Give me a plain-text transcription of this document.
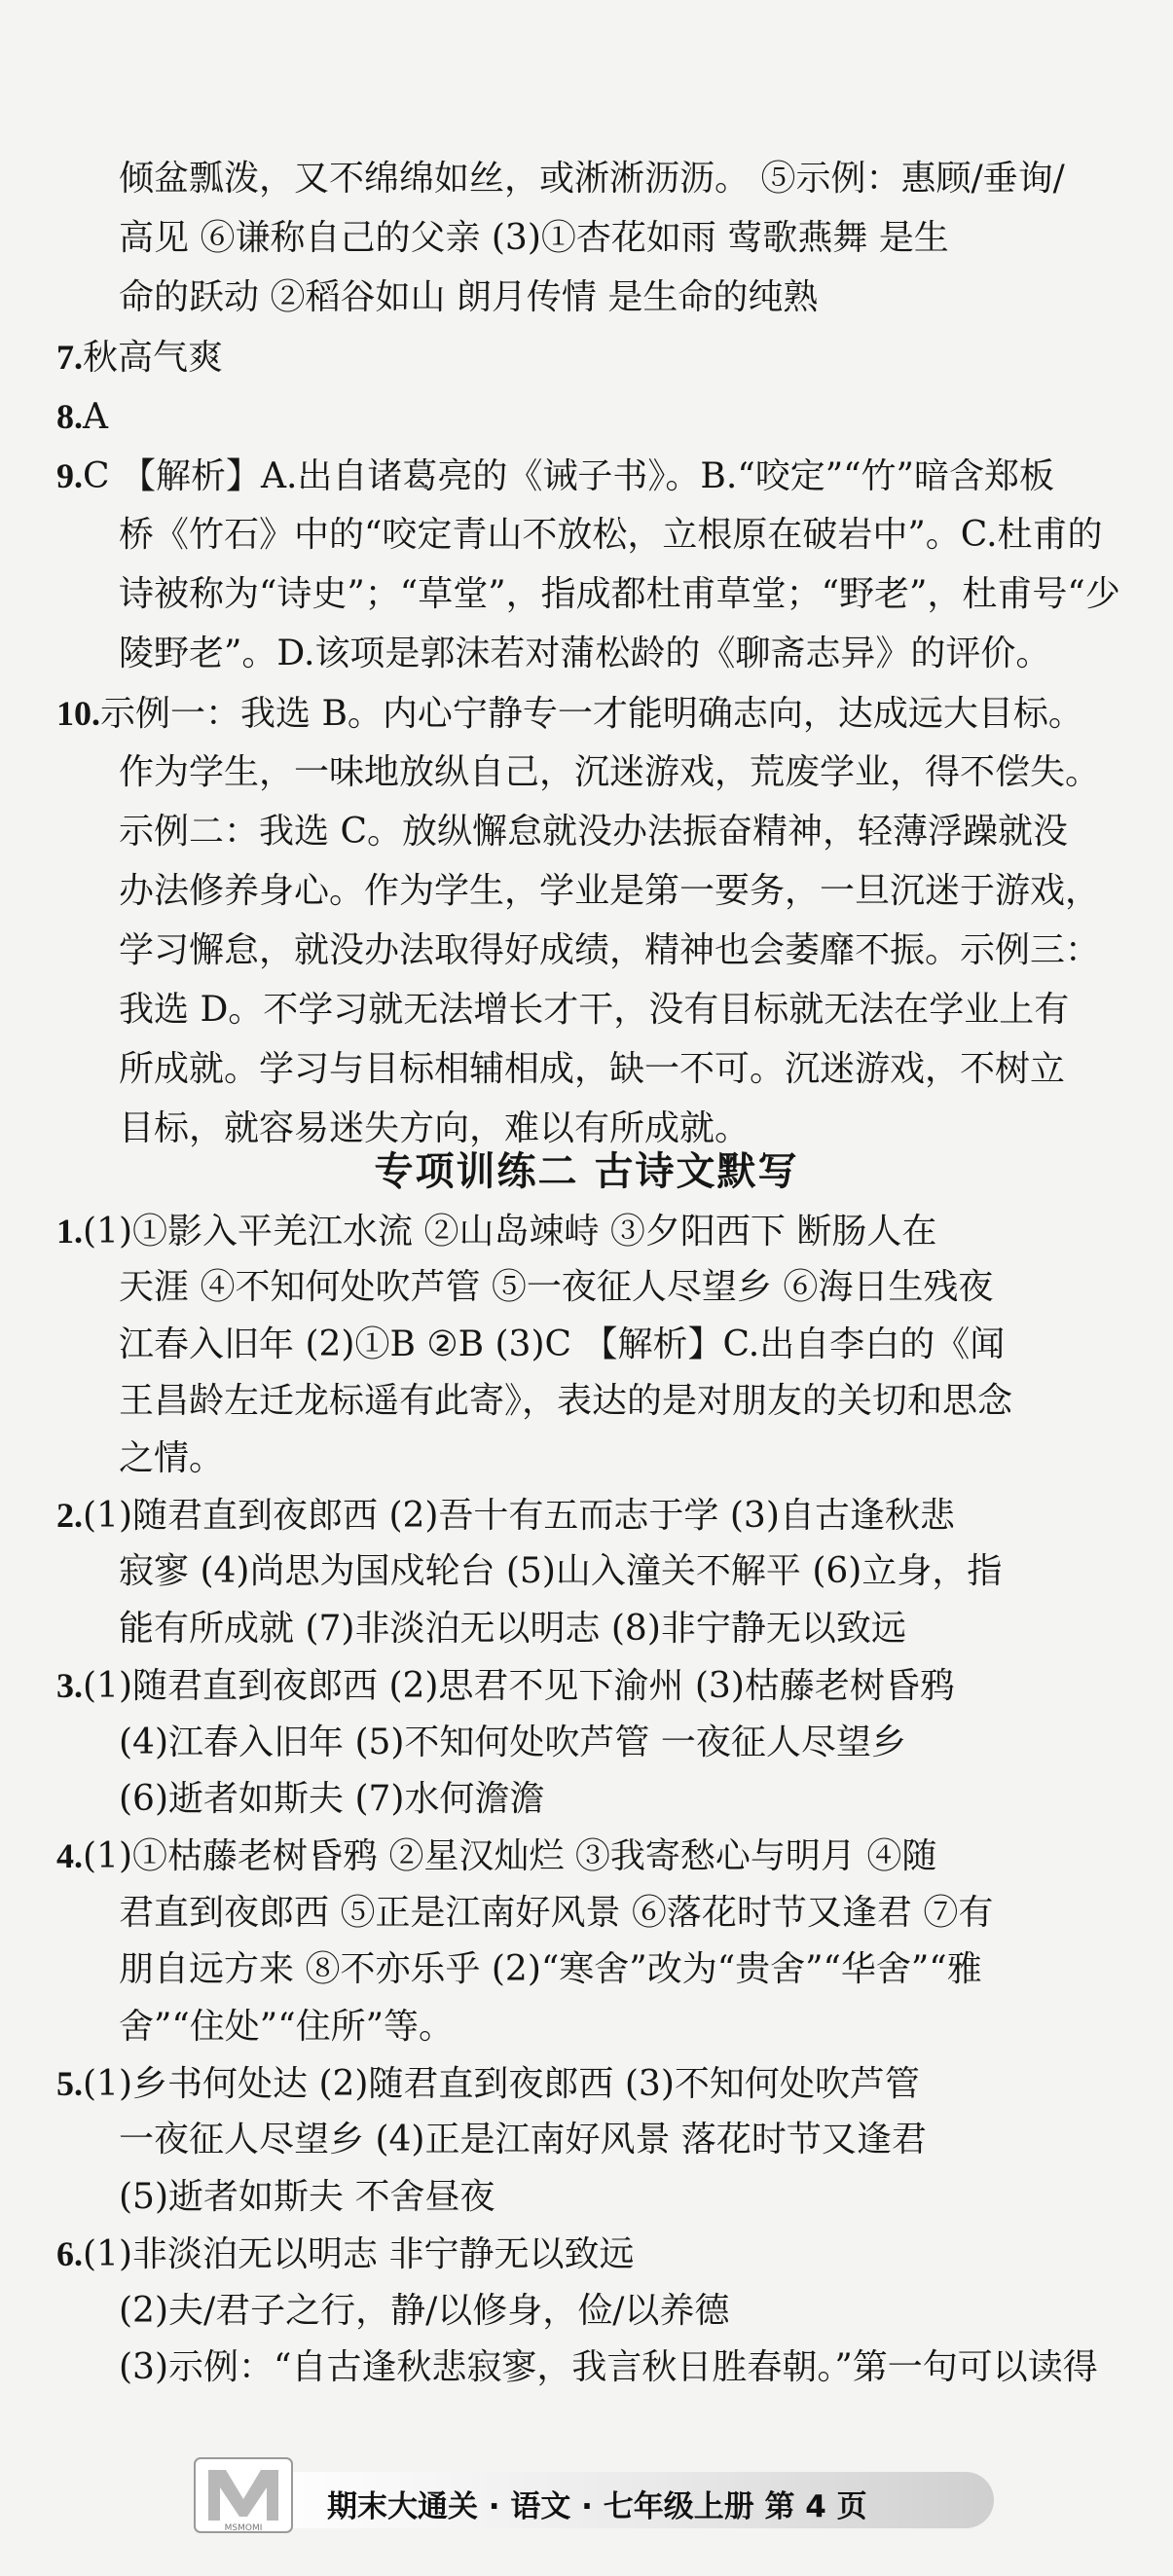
倾盆瓢泼，又不绵绵如丝，或淅淅沥沥。 ⑤示例：惠顾/垂询/
高见 ⑥谦称自己的父亲 (3)①杏花如雨 莺歌燕舞 是生
命的跃动 ②稻谷如山 朗月传情 是生命的纯熟
7.秋高气爽
8.A
9.C 【解析】A.出自诸葛亮的《诫子书》。B.“咬定”“竹”暗含郑板
桥《竹石》中的“咬定青山不放松，立根原在破岩中”。C.杜甫的
诗被称为“诗史”；“草堂”，指成都杜甫草堂；“野老”，杜甫号“少
陵野老”。D.该项是郭沫若对蒲松龄的《聊斋志异》的评价。
10.示例一：我选 B。内心宁静专一才能明确志向，达成远大目标。
作为学生，一味地放纵自己，沉迷游戏，荒废学业，得不偿失。
示例二：我选 C。放纵懈怠就没办法振奋精神，轻薄浮躁就没
办法修养身心。作为学生，学业是第一要务，一旦沉迷于游戏，
学习懈怠，就没办法取得好成绩，精神也会萎靡不振。示例三：
我选 D。不学习就无法增长才干，没有目标就无法在学业上有
所成就。学习与目标相辅相成，缺一不可。沉迷游戏，不树立
目标，就容易迷失方向，难以有所成就。
专项训练二 古诗文默写
1.(1)①影入平羌江水流 ②山岛竦峙 ③夕阳西下 断肠人在
天涯 ④不知何处吹芦管 ⑤一夜征人尽望乡 ⑥海日生残夜
江春入旧年 (2)①B ②B (3)C 【解析】C.出自李白的《闻
王昌龄左迁龙标遥有此寄》，表达的是对朋友的关切和思念
之情。
2.(1)随君直到夜郎西 (2)吾十有五而志于学 (3)自古逢秋悲
寂寥 (4)尚思为国戍轮台 (5)山入潼关不解平 (6)立身，指
能有所成就 (7)非淡泊无以明志 (8)非宁静无以致远
3.(1)随君直到夜郎西 (2)思君不见下渝州 (3)枯藤老树昏鸦
(4)江春入旧年 (5)不知何处吹芦管 一夜征人尽望乡
(6)逝者如斯夫 (7)水何澹澹
4.(1)①枯藤老树昏鸦 ②星汉灿烂 ③我寄愁心与明月 ④随
君直到夜郎西 ⑤正是江南好风景 ⑥落花时节又逢君 ⑦有
朋自远方来 ⑧不亦乐乎 (2)“寒舍”改为“贵舍”“华舍”“雅
舍”“住处”“住所”等。
5.(1)乡书何处达 (2)随君直到夜郎西 (3)不知何处吹芦管
一夜征人尽望乡 (4)正是江南好风景 落花时节又逢君
(5)逝者如斯夫 不舍昼夜
6.(1)非淡泊无以明志 非宁静无以致远
(2)夫/君子之行，静/以修身，俭/以养德
(3)示例：“自古逢秋悲寂寥，我言秋日胜春朝。”第一句可以读得
MSMOMI
期末大通关 · 语文 · 七年级上册 第 4 页
